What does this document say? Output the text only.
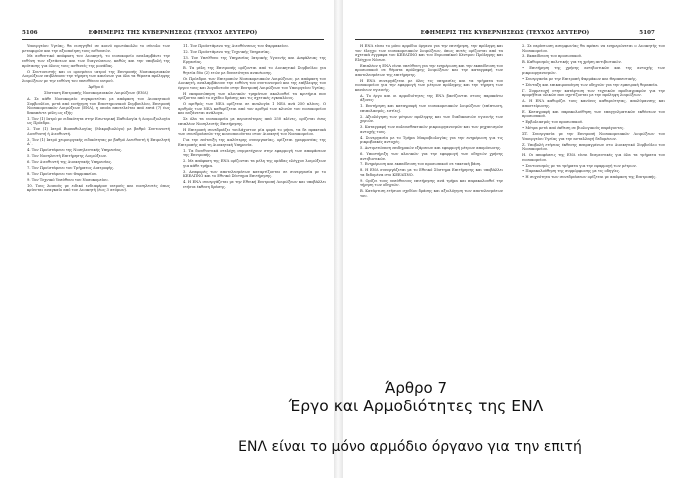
5106	ΕΦΗΜΕΡΙΣ ΤΗΣ ΚΥΒΕΡΝΗΣΕΩΣ (ΤΕΥΧΟΣ ΔΕΥΤΕΡΟ)

Υπουργείου Υγείας, θα εισηγηθεί σε κοινό πρωτόκολλο το σύνολο των μεταφορών και την αξιοποίηση τους αιθουσών.

Με αυθεντικό απόφαση του Διοικητή, το νοσοκομείο αναλαμβάνει την ευθύνη των εξετάσεων και των διαγνώσεων, καθώς και την υποβολή της πρότασης για όλους τους ασθενείς της μονάδας.

Ο Συντονιστής και οι ορισμένοι ιατροί της Επιτροπής Νοσοκομειακών Λοιμώξεων επιβλέπουν την τήρηση των κανόνων για όλα τα θέματα πρόληψης λοιμώξεων με την ευθύνη του υπευθύνου ιατρού.

Άρθρο 6

Σύσταση Επιτροπής Νοσοκομειακών Λοιμώξεων (ΕΝΛ)

Α. Σε κάθε Νοσοκομείο συγκροτείται με απόφαση του Διοικητικού Συμβουλίου, μετά από εισήγηση του Επιστημονικού Συμβουλίου, Επιτροπή Νοσοκομειακών Λοιμώξεων (ΕΝΛ), η οποία αποτελείται από επτά (7) έως δεκαπέντε μέλη ως εξής:

1. Τον (1) Ιατρό με ειδικότητα στην Εσωτερική Παθολογία ή Λοιμωξιολογία ως Πρόεδρο.

2. Τον (1) Ιατρό Βιοπαθολογίας (Μικροβιολόγο) με βαθμό Συντονιστή Διευθυντή ή Διευθυντή.

3. Τον (1) Ιατρό χειρουργικής ειδικότητας με βαθμό Διευθυντή ή Επιμελητή Α΄.

4. Τον Προϊστάμενο της Νοσηλευτικής Υπηρεσίας.

5. Τον Νοσηλευτή Επιτήρησης Λοιμώξεων.

6. Τον Διευθυντή της Διοικητικής Υπηρεσίας.

7. Τον Προϊστάμενο του Τμήματος Διατροφής.

8. Τον Προϊστάμενο του Φαρμακείου.

9. Τον Τεχνικό Υπεύθυνο του Νοσοκομείου.

10. Τους λοιπούς με ειδικό ενδιαφέρον ιατρούς και νοσηλευτές όπως κρίνεται αναγκαίο από τον Διοικητή (έως 3 ατόμων).

11. Τον Προϊστάμενο της Διευθύνσεως του Φαρμακείου.

12. Τον Προϊστάμενο της Τεχνικής Υπηρεσίας.

13. Τον Υπεύθυνο της Υπηρεσίας Ιατρικής Υγιεινής και Ασφάλειας της Εργασίας.

Β. Τα μέλη της Επιτροπής ορίζονται από το Διοικητικό Συμβούλιο για θητεία δύο (2) ετών με δυνατότητα ανανέωσης.

Οι Πρόεδροι των Επιτροπών Νοσοκομειακών Λοιμώξεων, με απόφαση του Διοικητή, αναλαμβάνουν την ευθύνη του συντονισμού και της επίβλεψης του έργου τους και λογοδοτούν στην Επιτροπή Λοιμώξεων του Υπουργείου Υγείας.

Η εκπροσώπηση των κλινικών τμημάτων ακολουθεί τα κριτήρια που ορίζονται από το σχέδιο δράσης και τις σχετικές εγκυκλίους.

Ο αριθμός των ΝΕΛ ορίζεται σε αναλογία 1 ΝΕΛ ανά 250 κλίνες. Ο αριθμός των ΝΕΛ καθορίζεται από τον αριθμό των κλινών του νοσοκομείου και αυξάνεται ανάλογα.

Σε όλα τα νοσοκομεία με περισσότερες από 250 κλίνες, ορίζεται ένας επιπλέον Νοσηλευτής Επιτήρησης.

Η Επιτροπή συνεδριάζει τουλάχιστον μία φορά το μήνα, τα δε πρακτικά των συνεδριάσεών της κοινοποιούνται στον Διοικητή του Νοσοκομείου.

Για την επίτευξη της καλύτερης συνεργασίας, ορίζεται γραμματέας της Επιτροπής από τη Διοικητική Υπηρεσία.

1. Τα διευθυντικά στελέχη συμμετέχουν στην εφαρμογή των αποφάσεων της Επιτροπής.

2. Με απόφαση της ΕΝΛ ορίζονται τα μέλη της ομάδας ελέγχου λοιμώξεων για κάθε τμήμα.

3. Αναφορές των αποτελεσμάτων καταρτίζονται σε συνεργασία με το ΚΕΕΛΠΝΟ και το Εθνικό Σύστημα Επιτήρησης.

4. Η ΕΝΛ συνεργάζεται με την Εθνική Επιτροπή Λοιμώξεων και υποβάλλει ετήσια έκθεση δράσης.

ΕΦΗΜΕΡΙΣ ΤΗΣ ΚΥΒΕΡΝΗΣΕΩΣ (ΤΕΥΧΟΣ ΔΕΥΤΕΡΟ)	5107

Η ΕΝΛ είναι το μόνο αρμόδιο όργανο για την επιτήρηση, την πρόληψη και τον έλεγχο των νοσοκομειακών λοιμώξεων, όπως αυτές ορίζονται από τα σχετικά έγγραφα του ΚΕΕΛΠΝΟ και του Ευρωπαϊκού Κέντρου Πρόληψης και Ελέγχου Νόσων.

Επιπλέον η ΕΝΛ είναι υπεύθυνη για την ενημέρωση και την εκπαίδευση του προσωπικού σε θέματα πρόληψης λοιμώξεων και την καταγραφή των αποτελεσμάτων της επιτήρησης.

Η ΕΝΛ συνεργάζεται με όλες τις υπηρεσίες και τα τμήματα του νοσοκομείου για την εφαρμογή των μέτρων πρόληψης και την τήρηση των κανόνων υγιεινής.

Α. Το έργο και οι αρμοδιότητες της ΕΝΛ βασίζονται στους παρακάτω άξονες:

1. Επιτήρηση και καταγραφή των νοσοκομειακών λοιμώξεων (επίπτωση, επιπολασμός, εστίες).

2. Αξιολόγηση των μέτρων πρόληψης και των διαδικασιών υγιεινής των χεριών.

3. Καταγραφή των πολυανθεκτικών μικροοργανισμών και των μηχανισμών αντοχής τους.

4. Συνεργασία με το Τμήμα Μικροβιολογίας για την ενημέρωση για τις μικροβιακές αντοχές.

5. Αντιμετώπιση επιδημικών εξάρσεων και εφαρμογή μέτρων απομόνωσης.

6. Υποστήριξη των κλινικών για την εφαρμογή των οδηγιών χρήσης αντιβιοτικών.

7. Ενημέρωση και εκπαίδευση του προσωπικού σε τακτική βάση.

8. Η ΕΝΛ συνεργάζεται με το Εθνικό Σύστημα Επιτήρησης και υποβάλλει τα δεδομένα στο ΚΕΕΛΠΝΟ.

9. Ορίζει τους υπεύθυνους επιτήρησης ανά τμήμα και παρακολουθεί την τήρηση των οδηγιών.

Β. Κατάρτιση ετήσιου σχεδίου δράσης και αξιολόγηση των αποτελεσμάτων του.

2. Σε περίπτωση ασυμφωνίας θα πρέπει να ενημερώνεται ο Διοικητής του Νοσοκομείου.

3. Εκπαίδευση του προσωπικού.

Β. Καθορισμός πολιτικής για τη χρήση αντιβιοτικών.

• Επιτήρηση της χρήσης αντιβιοτικών και της αντοχής των μικροοργανισμών.

• Συνεργασία με την Επιτροπή Φαρμάκων και Θεραπευτικής.

• Σύνταξη και επικαιροποίηση των οδηγιών για την εμπειρική θεραπεία.

Γ. Συμμετοχή στην κατάρτιση των τεχνικών προδιαγραφών για την προμήθεια υλικών που σχετίζονται με την πρόληψη λοιμώξεων.

Δ. Η ΕΝΛ καθορίζει τους κανόνες καθαριότητας, απολύμανσης και αποστείρωσης.

Ε. Καταγραφή και παρακολούθηση των επαγγελματικών εκθέσεων του προσωπικού.

• Εμβολιασμός του προσωπικού.

• Μέτρα μετά από έκθεση σε βιολογικούς παράγοντες.

ΣΤ. Συνεργασία με την Επιτροπή Νοσοκομειακών Λοιμώξεων του Υπουργείου Υγείας για την ανταλλαγή δεδομένων.

Ζ. Υποβολή ετήσιας έκθεσης πεπραγμένων στο Διοικητικό Συμβούλιο του Νοσοκομείου.

Η. Οι αποφάσεις της ΕΝΛ είναι δεσμευτικές για όλα τα τμήματα του νοσοκομείου.

• Συντονισμός με τα τμήματα για την εφαρμογή των μέτρων.

• Παρακολούθηση της συμμόρφωσης με τις οδηγίες.

• Η συχνότητα των συνεδριάσεων ορίζεται με απόφαση της Επιτροπής.

Άρθρο 7
Έργο και Αρμοδιότητες της ΕΝΛ
ΕΝΛ είναι το μόνο αρμόδιο όργανο για την επιτή
